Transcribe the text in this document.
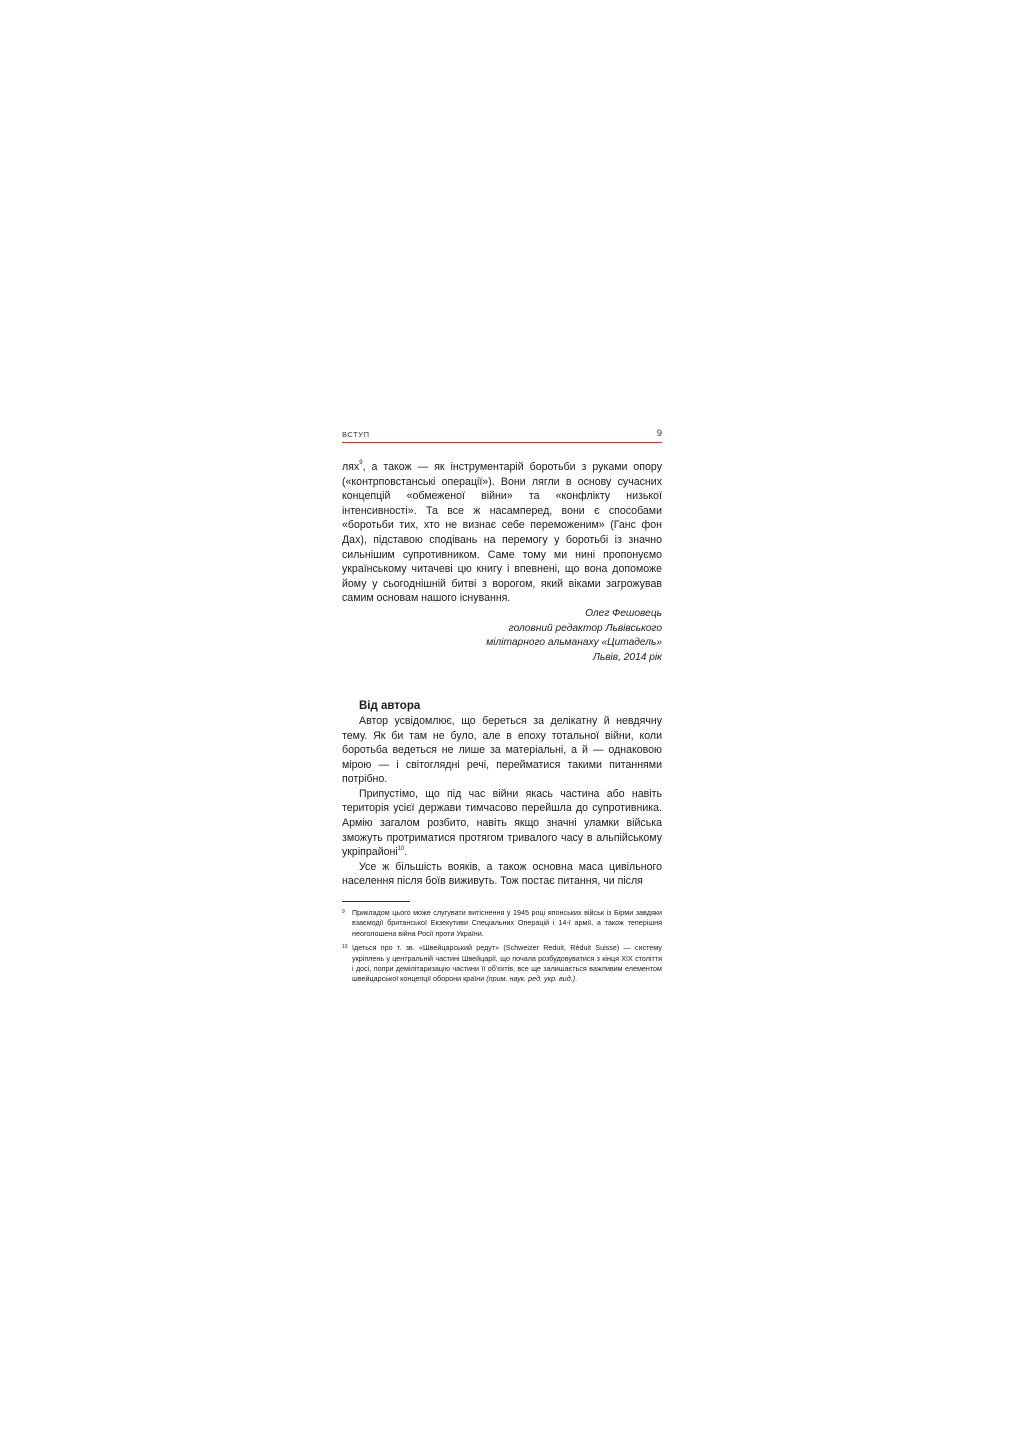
ВСТУП	9
ляx$^9$, а також — як інструментарій боротьби з руками опору («контрповстанські операції»). Вони лягли в основу сучасних концепцій «обмеженої війни» та «конфлікту низької інтенсивності». Та все ж насамперед, вони є способами «боротьби тих, хто не визнає себе переможеним» (Ганс фон Дах), підставою сподівань на перемогу у боротьбі із значно сильнішим супротивником. Саме тому ми нині пропонуємо українському читачеві цю книгу і впевнені, що вона допоможе йому у сьогоднішній битві з ворогом, який віками загрожував самим основам нашого існування.
Олег Фешовець
головний редактор Львівського
мілітарного альманаху «Цитадель»
Львів, 2014 рік
Від автора

Автор усвідомлює, що береться за делікатну й невдячну тему. Як би там не було, але в епоху тотальної війни, коли боротьба ведеться не лише за матеріальні, а й — однаковою мірою — і світоглядні речі, перейматися такими питаннями потрібно.

Припустімо, що під час війни якась частина або навіть територія усієї держави тимчасово перейшла до супротивника. Армію загалом розбито, навіть якщо значні уламки війська зможуть протриматися протягом тривалого часу в альпійському укріпрайоні$^{10}$.

Усе ж більшість вояків, а також основна маса цивільного населення після боїв виживуть. Тож постає питання, чи після

9 Прикладом цього може слугувати витіснення у 1945 році японських військ із Бірми завдяки взаємодії британської Екзекутиви Спеціальних Операцій і 14-ї армії, а також теперішня неоголошена війна Росії проти України.
10 Ідеться про т. зв. «Швейцарський редут» (Schweizer Reduit, Réduit Suisse) — систему укріплень у центральній частині Швейцарії, що почала розбудовуватися з кінця XIX століття і досі, попри демілітаризацію частини її об’єктів, все ще залишається важливим елементом швейцарської концепції оборони країни (прим. наук. ред. укр. вид.).
